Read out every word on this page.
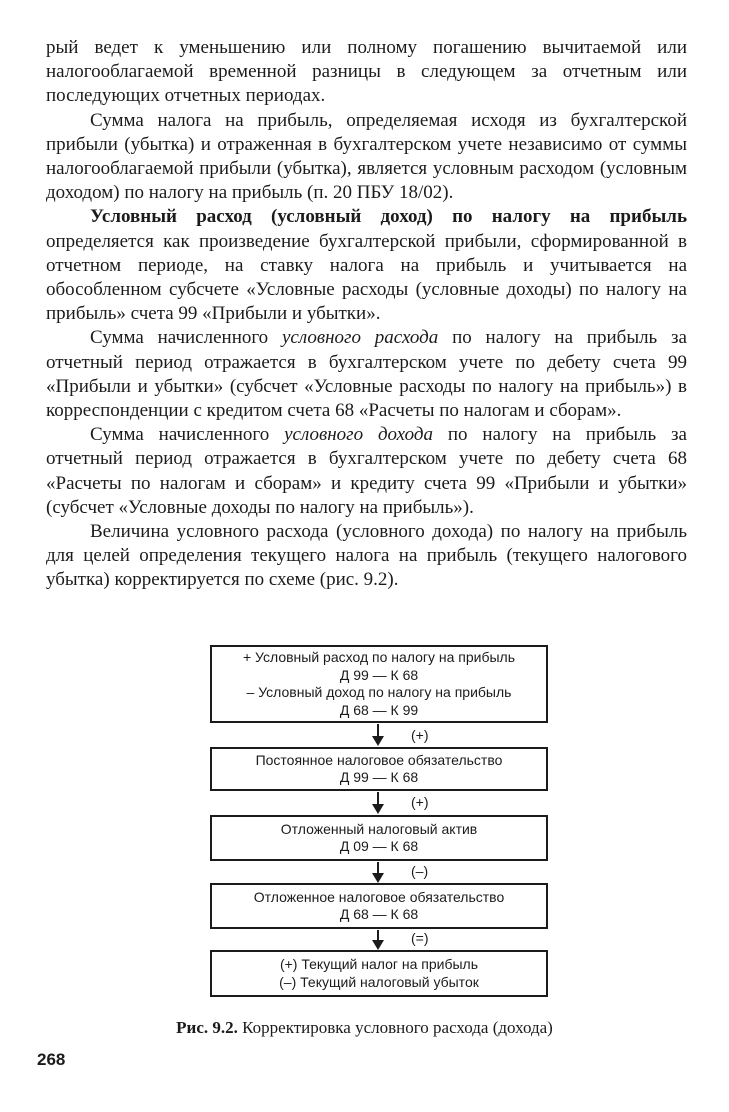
рый ведет к уменьшению или полному погашению вычитаемой или налогооблагаемой временной разницы в следующем за отчетным или последующих отчетных периодах.

Сумма налога на прибыль, определяемая исходя из бухгалтерской прибыли (убытка) и отраженная в бухгалтерском учете независимо от суммы налогооблагаемой прибыли (убытка), является условным расходом (условным доходом) по налогу на прибыль (п. 20 ПБУ 18/02).

Условный расход (условный доход) по налогу на прибыль определяется как произведение бухгалтерской прибыли, сформированной в отчетном периоде, на ставку налога на прибыль и учитывается на обособленном субсчете «Условные расходы (условные доходы) по налогу на прибыль» счета 99 «Прибыли и убытки».

Сумма начисленного условного расхода по налогу на прибыль за отчетный период отражается в бухгалтерском учете по дебету счета 99 «Прибыли и убытки» (субсчет «Условные расходы по налогу на прибыль») в корреспонденции с кредитом счета 68 «Расчеты по налогам и сборам».

Сумма начисленного условного дохода по налогу на прибыль за отчетный период отражается в бухгалтерском учете по дебету счета 68 «Расчеты по налогам и сборам» и кредиту счета 99 «Прибыли и убытки» (субсчет «Условные доходы по налогу на прибыль»).

Величина условного расхода (условного дохода) по налогу на прибыль для целей определения текущего налога на прибыль (текущего налогового убытка) корректируется по схеме (рис. 9.2).

+ Условный расход по налогу на прибыль
Д 99 — К 68
– Условный доход по налогу на прибыль
Д 68 — К 99
(+)
Постоянное налоговое обязательство
Д 99 — К 68
(+)
Отложенный налоговый актив
Д 09 — К 68
(–)
Отложенное налоговое обязательство
Д 68 — К 68
(=)
(+) Текущий налог на прибыль
(–) Текущий налоговый убыток
Рис. 9.2. Корректировка условного расхода (дохода)
268
